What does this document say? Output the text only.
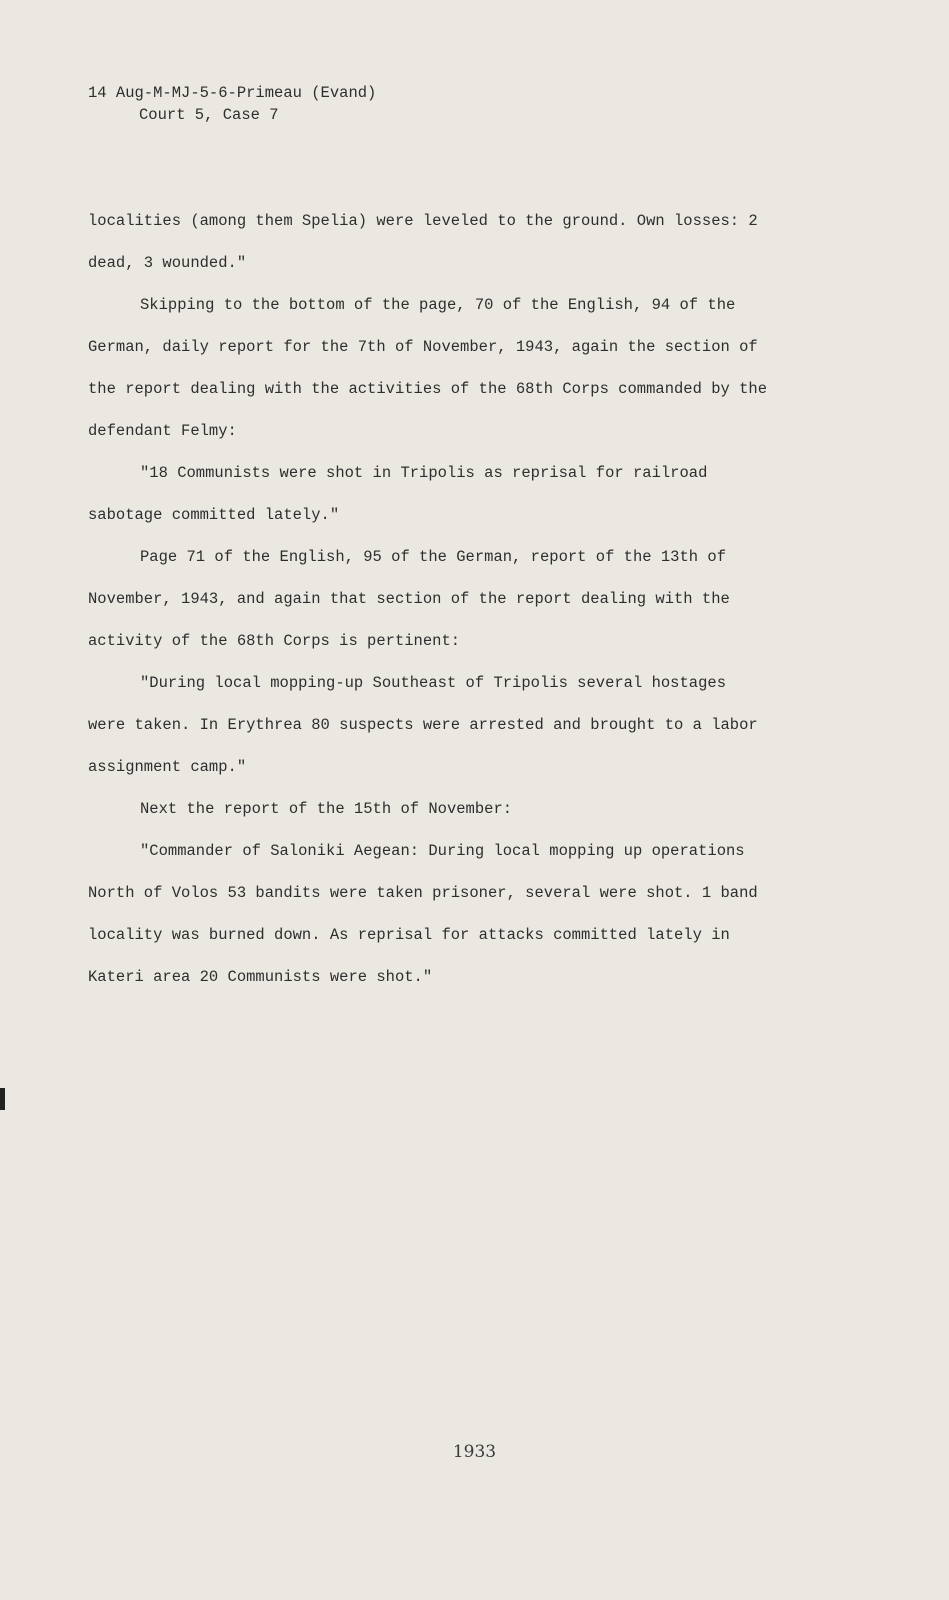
14 Aug-M-MJ-5-6-Primeau (Evand)
Court 5, Case 7

localities (among them Spelia) were leveled to the ground. Own losses: 2 dead, 3 wounded."

Skipping to the bottom of the page, 70 of the English, 94 of the German, daily report for the 7th of November, 1943, again the section of the report dealing with the activities of the 68th Corps commanded by the defendant Felmy:

"18 Communists were shot in Tripolis as reprisal for railroad sabotage committed lately."

Page 71 of the English, 95 of the German, report of the 13th of November, 1943, and again that section of the report dealing with the activity of the 68th Corps is pertinent:

"During local mopping-up Southeast of Tripolis several hostages were taken. In Erythrea 80 suspects were arrested and brought to a labor assignment camp."

Next the report of the 15th of November:

"Commander of Saloniki Aegean: During local mopping up operations North of Volos 53 bandits were taken prisoner, several were shot. 1 band locality was burned down. As reprisal for attacks committed lately in Kateri area 20 Communists were shot."

1933
